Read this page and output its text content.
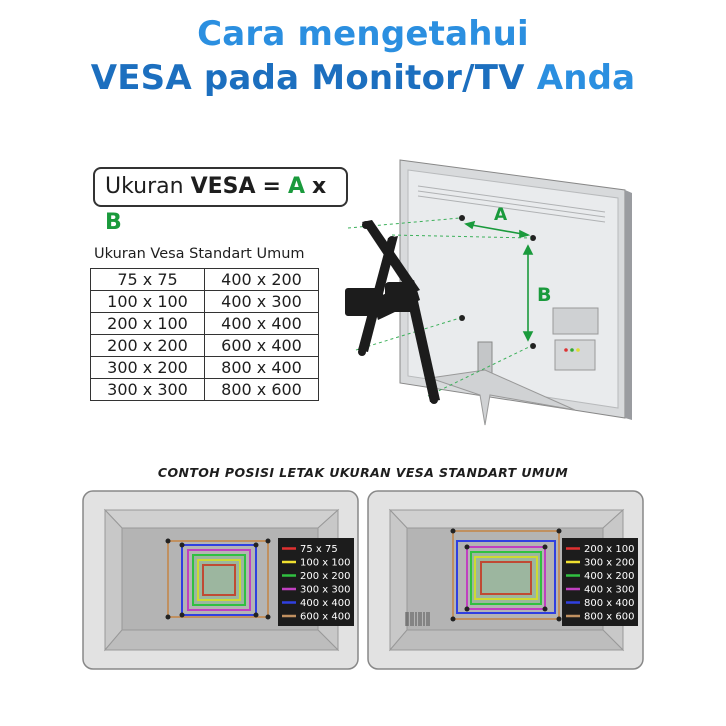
Cara mengetahui
VESA pada Monitor/TV Anda
Ukuran VESA = A x B	A
B
75 x 75
100 x 100
200 x 200
300 x 300
400 x 400
600 x 400
200 x 100
300 x 200
400 x 200
400 x 300
800 x 400
800 x 600
Ukuran Vesa Standart Umum
75 x 75	400 x 200
100 x 100	400 x 300
200 x 100	400 x 400
200 x 200	600 x 400
300 x 200	800 x 400
300 x 300	800 x 600
CONTOH POSISI LETAK UKURAN VESA STANDART UMUM
